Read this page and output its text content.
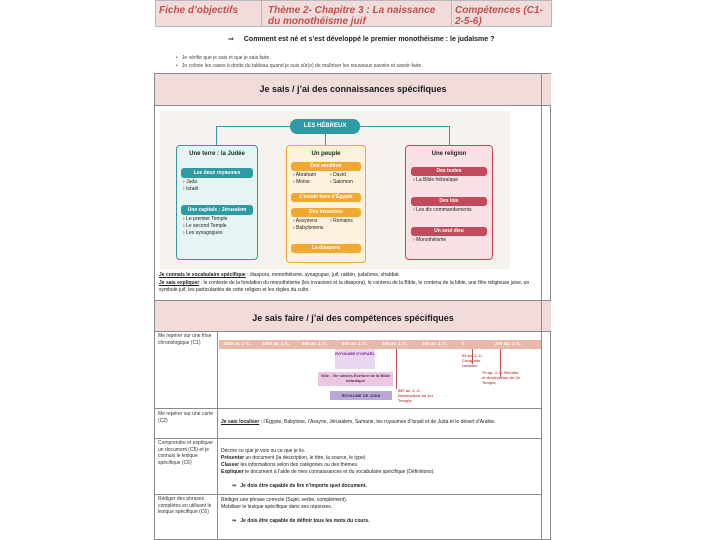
Fiche d’objectifs	Thème 2- Chapitre 3 : La naissance du monothéisme juif
Compétences (C1-2-5-6)
⇒ Comment est né et s’est développé le premier monothéisme : le judaïsme ?
•   Je vérifie que je sais et que je sais faire.
•   Je colorie les cases à droite du tableau quand je suis sûr(e) de maîtriser les nouveaux savoirs et savoir-faire.
Je sais / j’ai des connaissances spécifiques
LES HÉBREUX
Une terre : la Judée
Les deux royaumes
› Juda
› Israël
Une capitale : Jérusalem
› Le premier Temple
› Le second Temple
› Les synagogues
Un peuple
Des ancêtres
› Abraham	› David
› Moïse	› Salomon
L’exode hors d’Égypte
Des invasions
› Assyriens	› Romains
› Babyloniens
La diaspora
Une religion
Des textes
› La Bible hébraïque
Des lois
› Les dix commandements
Un seul dieu
› Monothéisme
Je connais le vocabulaire spécifique : diaspora, monothéisme, synagogue, juif, rabbin, judaïsme, shabbat
Je sais expliquer : le contexte de la fondation du monothéisme (les invasions et la diaspora), le contenu de la Bible, le contenu de la bible, une fête religieuse juive, un symbole juif, les particularités de cette religion et les règles du culte.
Je sais faire / j’ai des compétences spécifiques
Me repérer sur une frise chronologique (C1)	1200 av. J.-C. 1000 av. J.-C.	800 av. J.-C.	600 av. J.-C.	400 av. J.-C.	200 av. J.-C.	0	200 ap. J.-C.
ROYAUME D’ISRAËL
VIIIe - VIe siècles Écriture de la Bible hébraïque
ROYAUME DE JUDA
587 av. J.-C. Destruction du 1er Temple
63 av. J.-C. Conquête romaine
70 ap. J.-C. Révolte et destruction du 2e Temple
Me repérer sur une carte (C2)	Je sais localiser : l’Égypte, Babylone, l’Assyrie, Jérusalem, Samarie, les royaumes d’Israël et de Juda et le désert d’Arabie.
Comprendre et expliquer un document (C5) et je connais le lexique spécifique (C6)
Décrire ce que je vois ou ce que je lis.
Présenter un document (la description, le titre, la source, le type)
Classer les informations selon des catégories ou des thèmes.
Expliquer le document à l’aide de mes connaissances et du vocabulaire spécifique (Définitions).
⇒   Je dois être capable de lire n’importe quel document.
Rédiger des phrases complètes en utilisant le lexique spécifique (C6)
Rédiger une phrase correcte (Sujet, verbe, complément).
Mobiliser le lexique spécifique dans ses réponses.
⇒   Je dois être capable de définir tous les mots du cours.
